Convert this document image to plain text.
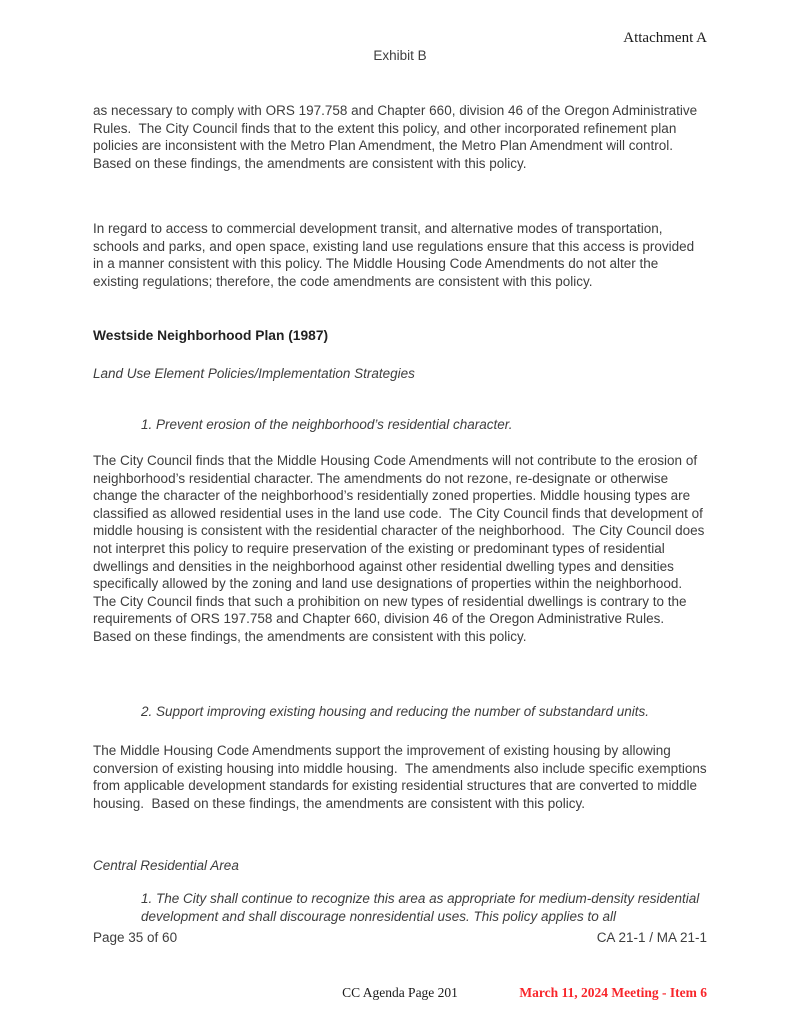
Attachment A
Exhibit B
as necessary to comply with ORS 197.758 and Chapter 660, division 46 of the Oregon Administrative Rules.  The City Council finds that to the extent this policy, and other incorporated refinement plan policies are inconsistent with the Metro Plan Amendment, the Metro Plan Amendment will control. Based on these findings, the amendments are consistent with this policy.
In regard to access to commercial development transit, and alternative modes of transportation, schools and parks, and open space, existing land use regulations ensure that this access is provided in a manner consistent with this policy. The Middle Housing Code Amendments do not alter the existing regulations; therefore, the code amendments are consistent with this policy.
Westside Neighborhood Plan (1987)
Land Use Element Policies/Implementation Strategies
1. Prevent erosion of the neighborhood’s residential character.
The City Council finds that the Middle Housing Code Amendments will not contribute to the erosion of neighborhood’s residential character. The amendments do not rezone, re-designate or otherwise change the character of the neighborhood’s residentially zoned properties. Middle housing types are classified as allowed residential uses in the land use code.  The City Council finds that development of middle housing is consistent with the residential character of the neighborhood.  The City Council does not interpret this policy to require preservation of the existing or predominant types of residential dwellings and densities in the neighborhood against other residential dwelling types and densities specifically allowed by the zoning and land use designations of properties within the neighborhood.  The City Council finds that such a prohibition on new types of residential dwellings is contrary to the requirements of ORS 197.758 and Chapter 660, division 46 of the Oregon Administrative Rules.  Based on these findings, the amendments are consistent with this policy.
2. Support improving existing housing and reducing the number of substandard units.
The Middle Housing Code Amendments support the improvement of existing housing by allowing conversion of existing housing into middle housing.  The amendments also include specific exemptions from applicable development standards for existing residential structures that are converted to middle housing.  Based on these findings, the amendments are consistent with this policy.
Central Residential Area
1. The City shall continue to recognize this area as appropriate for medium-density residential development and shall discourage nonresidential uses. This policy applies to all
Page 35 of 60	CA 21-1 / MA 21-1
CC Agenda Page 201	March 11, 2024 Meeting - Item 6
